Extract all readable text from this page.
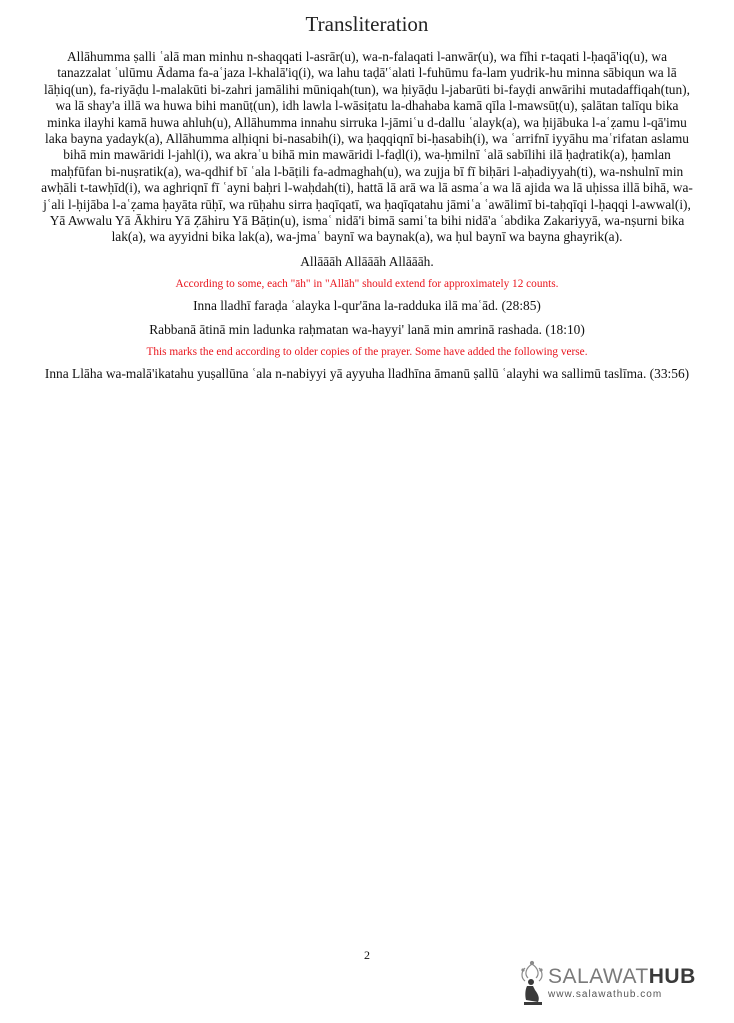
Transliteration

Allāhumma ṣalli ʿalā man minhu n-shaqqati l-asrār(u), wa-n-falaqati l-anwār(u), wa fīhi r-taqati l-ḥaqā'iq(u), wa tanazzalat ʿulūmu Ādama fa-aʿjaza l-khalā'iq(i), wa lahu taḍā'ʿalati l-fuhūmu fa-lam yudrik-hu minna sābiqun wa lā lāḥiq(un), fa-riyāḍu l-malakūti bi-zahri jamālihi mūniqah(tun), wa ḥiyāḍu l-jabarūti bi-fayḍi anwārihi mutadaffiqah(tun), wa lā shay'a illā wa huwa bihi manūṭ(un), idh lawla l-wāsiṭatu la-dhahaba kamā qīla l-mawsūṭ(u), ṣalātan talīqu bika minka ilayhi kamā huwa ahluh(u), Allāhumma innahu sirruka l-jāmiʿu d-dallu ʿalayk(a), wa ḥijābuka l-aʿẓamu l-qā'imu laka bayna yadayk(a), Allāhumma alḥiqni bi-nasabih(i), wa ḥaqqiqnī bi-ḥasabih(i), wa ʿarrifnī iyyāhu maʿrifatan aslamu bihā min mawāridi l-jahl(i), wa akraʿu bihā min mawāridi l-faḍl(i), wa-ḥmilnī ʿalā sabīlihi ilā ḥaḍratik(a), ḥamlan maḥfūfan bi-nuṣratik(a), wa-qdhif bī ʿala l-bāṭili fa-admaghah(u), wa zujja bī fī biḥāri l-aḥadiyyah(ti), wa-nshulnī min awḥāli t-tawḥīd(i), wa aghriqnī fī ʿayni baḥri l-waḥdah(ti), hattā lā arā wa lā asmaʿa wa lā ajida wa lā uḥissa illā bihā, wa-jʿali l-ḥijāba l-aʿẓama ḥayāta rūḥī, wa rūḥahu sirra ḥaqīqatī, wa ḥaqīqatahu jāmiʿa ʿawālimī bi-taḥqīqi l-ḥaqqi l-awwal(i), Yā Awwalu Yā Ākhiru Yā Ẓāhiru Yā Bāṭin(u), ismaʿ nidā'i bimā samiʿta bihi nidā'a ʿabdika Zakariyyā, wa-nṣurni bika lak(a), wa ayyidni bika lak(a), wa-jmaʿ baynī wa baynak(a), wa ḥul baynī wa bayna ghayrik(a).

Allāāāh Allāāāh Allāāāh.

According to some, each "āh" in "Allāh" should extend for approximately 12 counts.

Inna lladhī faraḍa ʿalayka l-qur'āna la-radduka ilā maʿād. (28:85)

Rabbanā ātinā min ladunka raḥmatan wa-hayyi' lanā min amrinā rashada. (18:10)

This marks the end according to older copies of the prayer. Some have added the following verse.

Inna Llāha wa-malā'ikatahu yuṣallūna ʿala n-nabiyyi yā ayyuha lladhīna āmanū ṣallū ʿalayhi wa sallimū taslīma. (33:56)

2
SALAWATHUB
www.salawathub.com
